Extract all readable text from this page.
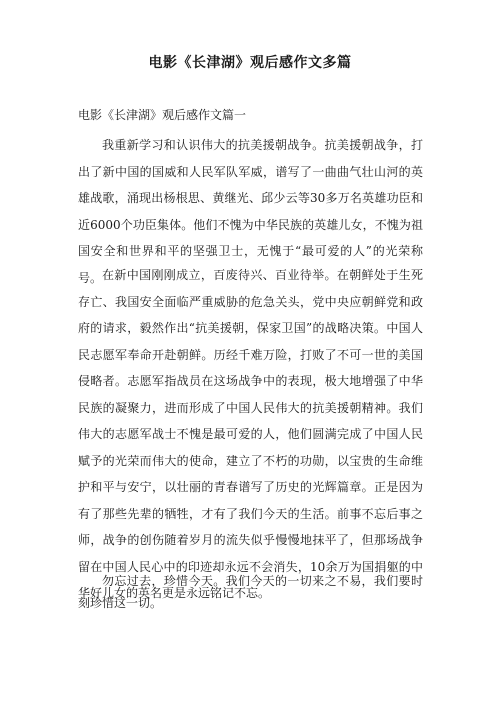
电影《长津湖》观后感作文多篇

电影《长津湖》观后感作文篇一

我重新学习和认识伟大的抗美援朝战争。抗美援朝战争，打出了新中国的国威和人民军队军威，谱写了一曲曲气壮山河的英雄战歌，涌现出杨根思、黄继光、邱少云等30多万名英雄功臣和近6000个功臣集体。他们不愧为中华民族的英雄儿女，不愧为祖国安全和世界和平的坚强卫士，无愧于“最可爱的人”的光荣称号。 在新中国刚刚成立，百废待兴、百业待举。在朝鲜处于生死存亡、我国安全面临严重威胁的危急关头，党中央应朝鲜党和政府的请求，毅然作出“抗美援朝，保家卫国”的战略决策。中国人民志愿军奉命开赴朝鲜。历经千难万险，打败了不可一世的美国侵略者。志愿军指战员在这场战争中的表现，极大地增强了中华民族的凝聚力，进而形成了中国人民伟大的抗美援朝精神。我们伟大的志愿军战士不愧是最可爱的人，他们圆满完成了中国人民赋予的光荣而伟大的使命，建立了不朽的功勋，以宝贵的生命维护和平与安宁，以壮丽的青春谱写了历史的光辉篇章。正是因为有了那些先辈的牺牲，才有了我们今天的生活。前事不忘后事之师，战争的创伤随着岁月的流失似乎慢慢地抹平了，但那场战争留在中国人民心中的印迹却永远不会消失，10余万为国捐躯的中华好儿女的英名更是永远铭记不忘。

勿忘过去，珍惜今天。我们今天的一切来之不易，我们要时刻珍惜这一切。
